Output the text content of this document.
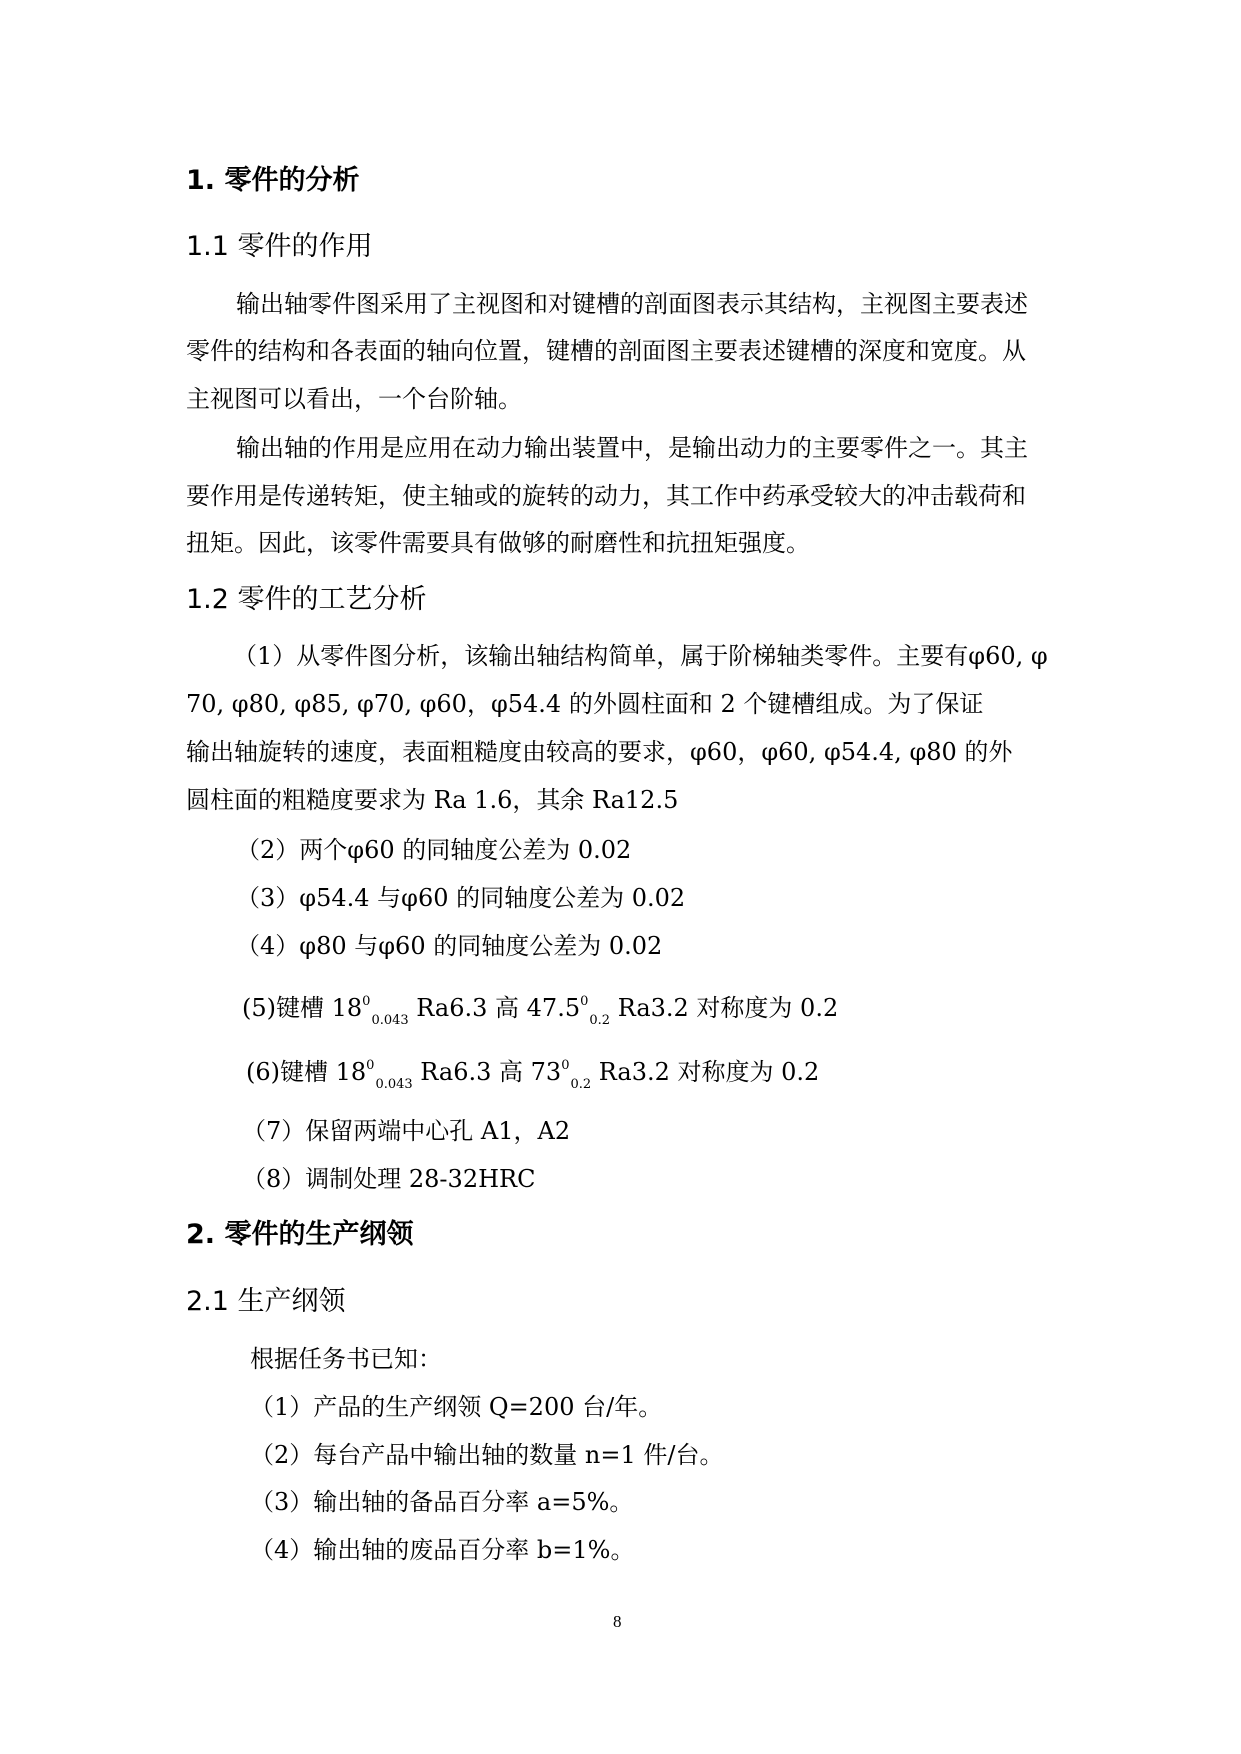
1. 零件的分析
1.1 零件的作用
输出轴零件图采用了主视图和对键槽的剖面图表示其结构，主视图主要表述
零件的结构和各表面的轴向位置，键槽的剖面图主要表述键槽的深度和宽度。从
主视图可以看出，一个台阶轴。
输出轴的作用是应用在动力输出装置中，是输出动力的主要零件之一。其主
要作用是传递转矩，使主轴或的旋转的动力，其工作中药承受较大的冲击载荷和
扭矩。因此，该零件需要具有做够的耐磨性和抗扭矩强度。
1.2 零件的工艺分析
（1）从零件图分析，该输出轴结构简单，属于阶梯轴类零件。主要有φ60, φ
70, φ80, φ85, φ70, φ60，φ54.4 的外圆柱面和 2 个键槽组成。为了保证
输出轴旋转的速度，表面粗糙度由较高的要求，φ60，φ60, φ54.4, φ80 的外
圆柱面的粗糙度要求为 Ra 1.6，其余 Ra12.5
（2）两个φ60 的同轴度公差为 0.02
（3）φ54.4 与φ60 的同轴度公差为 0.02
（4）φ80 与φ60 的同轴度公差为 0.02
(5)键槽 1800.043 Ra6.3 高 47.500.2 Ra3.2 对称度为 0.2
(6)键槽 1800.043 Ra6.3 高 7300.2 Ra3.2 对称度为 0.2
（7）保留两端中心孔 A1，A2
（8）调制处理 28-32HRC
2. 零件的生产纲领
2.1 生产纲领
根据任务书已知：
（1）产品的生产纲领 Q=200 台/年。
（2）每台产品中输出轴的数量 n=1 件/台。
（3）输出轴的备品百分率 a=5%。
（4）输出轴的废品百分率 b=1%。
8
